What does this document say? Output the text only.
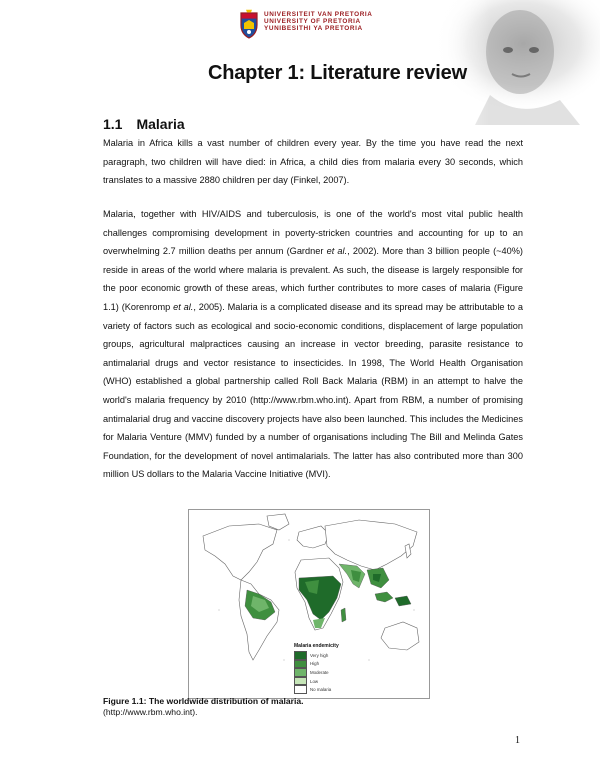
UNIVERSITEIT VAN PRETORIA
UNIVERSITY OF PRETORIA
YUNIBESITHI YA PRETORIA
Chapter 1: Literature review
1.1 Malaria
Malaria in Africa kills a vast number of children every year. By the time you have read the next paragraph, two children will have died: in Africa, a child dies from malaria every 30 seconds, which translates to a massive 2880 children per day (Finkel, 2007).
Malaria, together with HIV/AIDS and tuberculosis, is one of the world's most vital public health challenges compromising development in poverty-stricken countries and accounting for up to an overwhelming 2.7 million deaths per annum (Gardner et al., 2002). More than 3 billion people (~40%) reside in areas of the world where malaria is prevalent. As such, the disease is largely responsible for the poor economic growth of these areas, which further contributes to more cases of malaria (Figure 1.1) (Korenromp et al., 2005). Malaria is a complicated disease and its spread may be attributable to a variety of factors such as ecological and socio-economic conditions, displacement of large population groups, agricultural malpractices causing an increase in vector breeding, parasite resistance to antimalarial drugs and vector resistance to insecticides. In 1998, The World Health Organisation (WHO) established a global partnership called Roll Back Malaria (RBM) in an attempt to halve the world's malaria frequency by 2010 (http://www.rbm.who.int). Apart from RBM, a number of promising antimalarial drug and vaccine discovery projects have also been launched. This includes the Medicines for Malaria Venture (MMV) funded by a number of organisations including The Bill and Melinda Gates Foundation, for the development of novel antimalarials. The latter has also contributed more than 300 million US dollars to the Malaria Vaccine Initiative (MVI).
Malaria endemicity
Very high
High
Moderate
Low
No malaria
Figure 1.1: The worldwide distribution of malaria.
(http://www.rbm.who.int).
1
